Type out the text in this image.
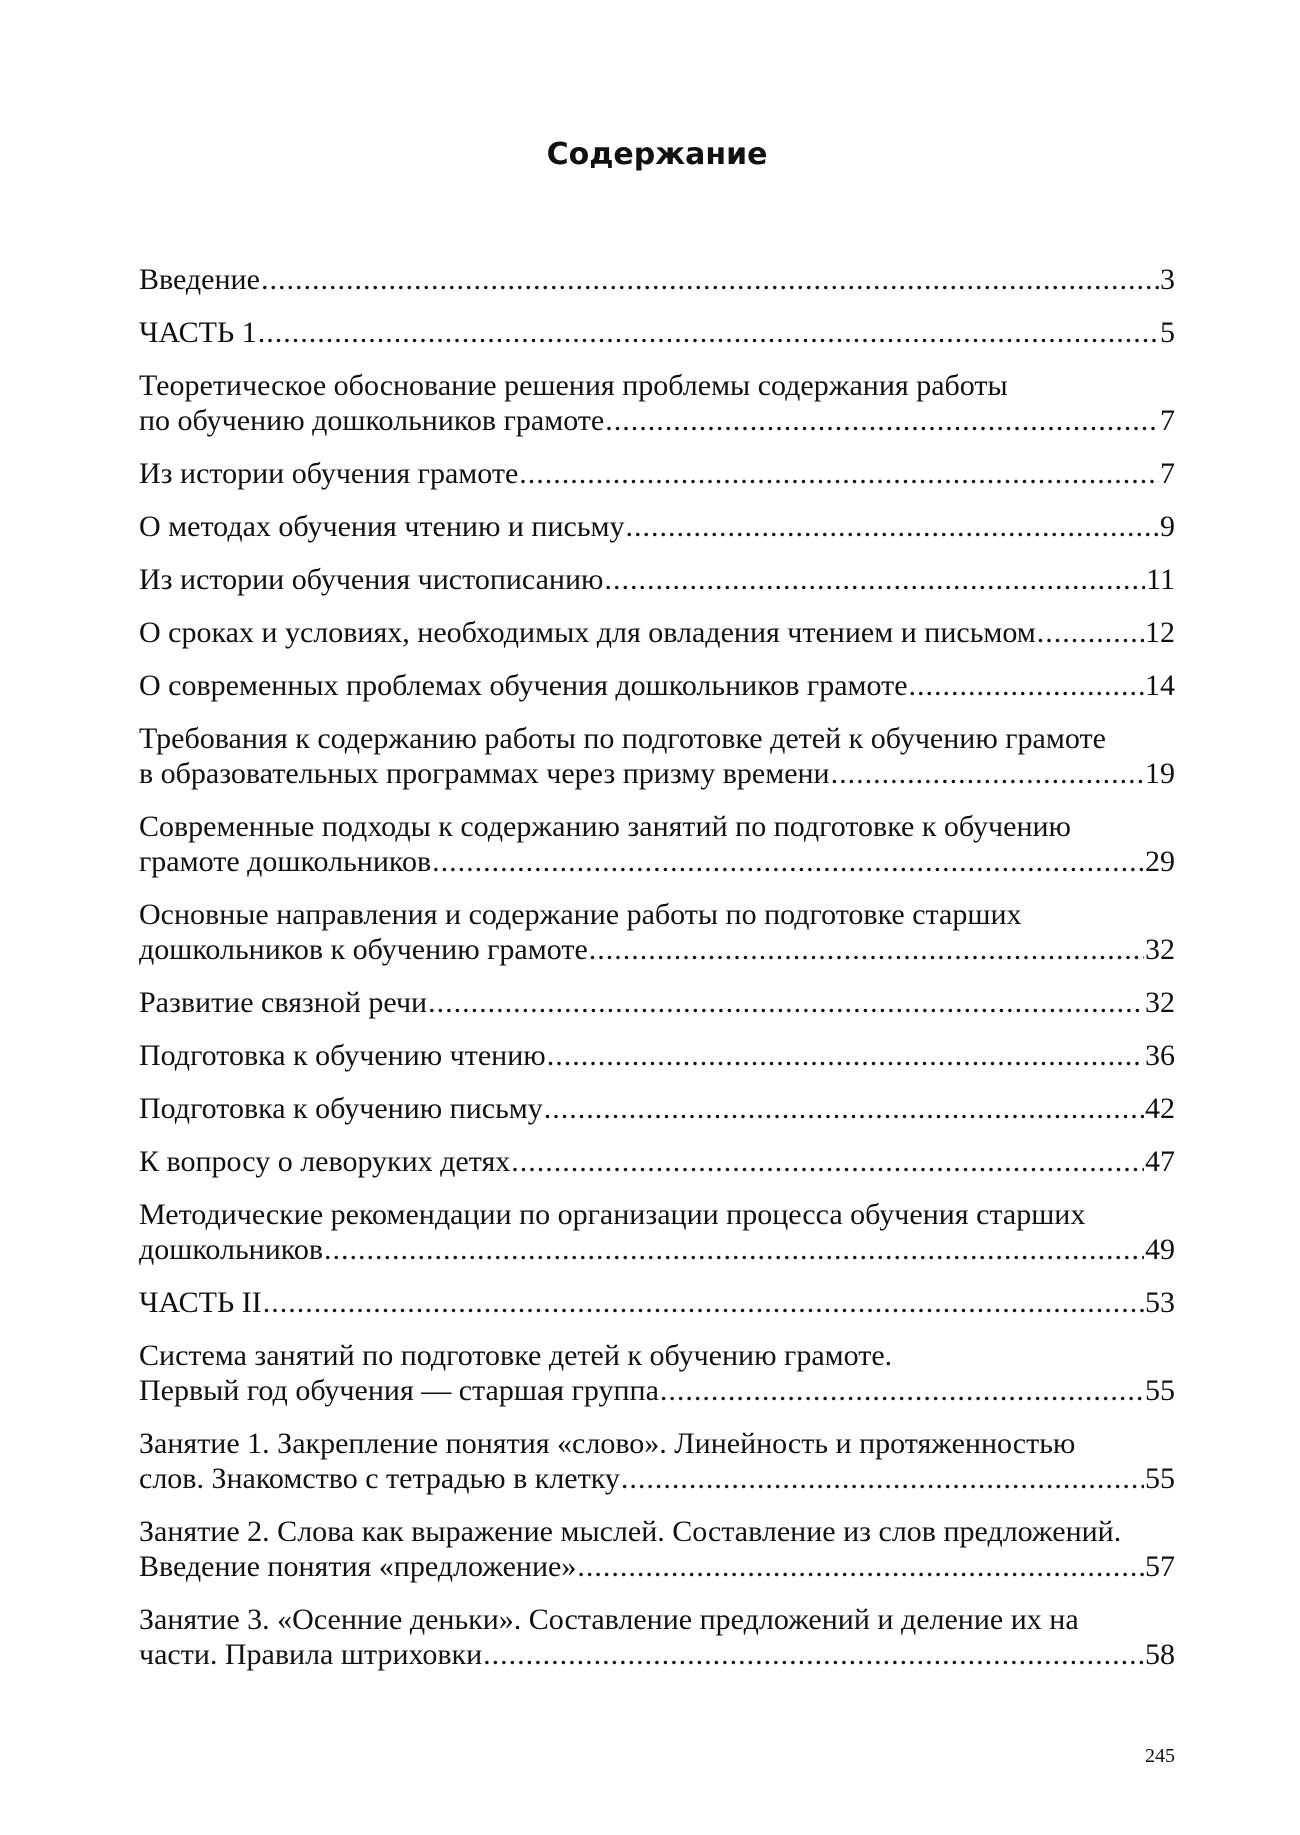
Содержание
Введение .....	3
ЧАСТЬ 1 .....	5
Теоретическое обоснование решения проблемы содержания работы
по обучению дошкольников грамоте .....	7
Из истории обучения грамоте .....	7
О методах обучения чтению и письму .....	9
Из истории обучения чистописанию .....	11
О сроках и условиях, необходимых для овладения чтением и письмом .....	12
О современных проблемах обучения дошкольников грамоте .....	14
Требования к содержанию работы по подготовке детей к обучению грамоте
в образовательных программах через призму времени .....	19
Современные подходы к содержанию занятий по подготовке к обучению
грамоте дошкольников .....	29
Основные направления и содержание работы по подготовке старших
дошкольников к обучению грамоте .....	32
Развитие связной речи .....	32
Подготовка к обучению чтению .....	36
Подготовка к обучению письму .....	42
К вопросу о леворуких детях .....	47
Методические рекомендации по организации процесса обучения старших
дошкольников .....	49
ЧАСТЬ II .....	53
Система занятий по подготовке детей к обучению грамоте.
Первый год обучения — старшая группа .....	55
Занятие 1. Закрепление понятия «слово». Линейность и протяженностью
слов. Знакомство с тетрадью в клетку .....	55
Занятие 2. Слова как выражение мыслей. Составление из слов предложений.
Введение понятия «предложение» .....	57
Занятие 3. «Осенние деньки». Составление предложений и деление их на
части. Правила штриховки .....	58
245
